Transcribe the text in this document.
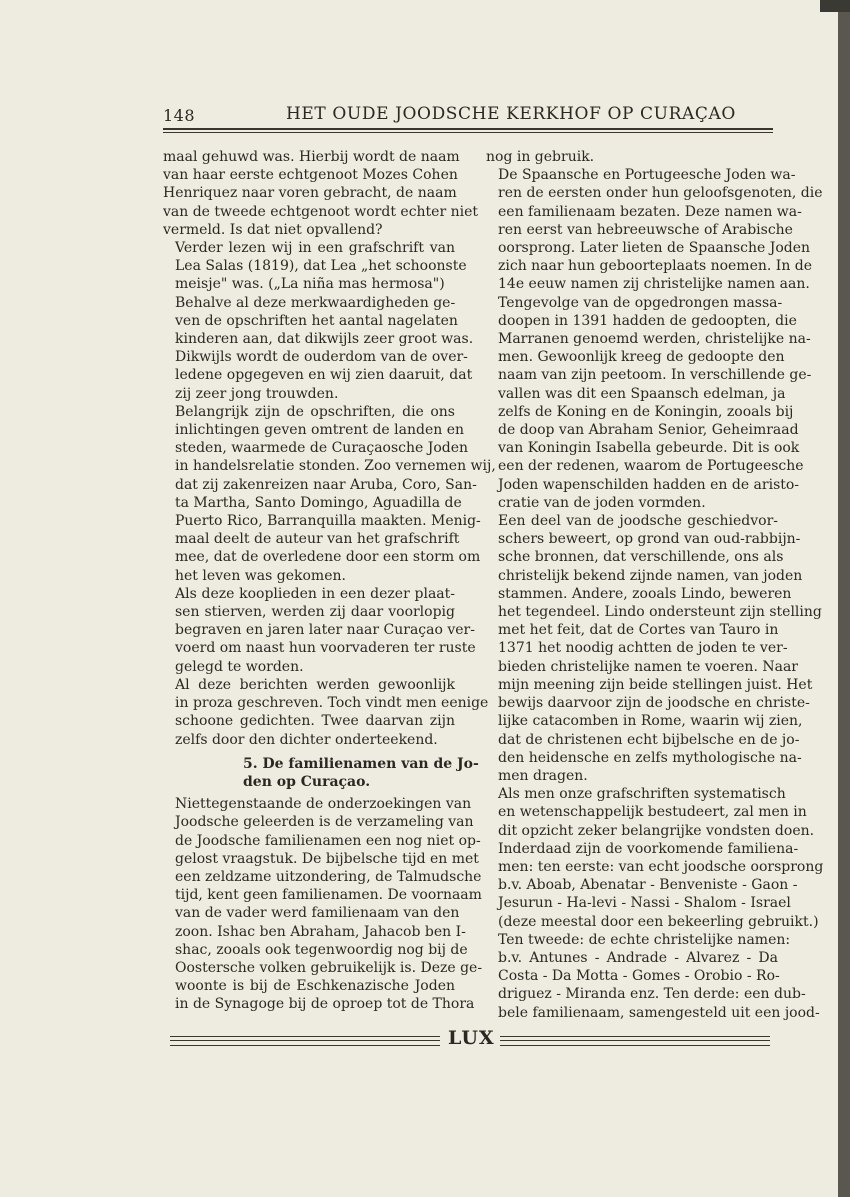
148	HET OUDE JOODSCHE KERKHOF OP CURAÇAO

maal gehuwd was. Hierbij wordt de naam
van haar eerste echtgenoot Mozes Cohen
Henriquez naar voren gebracht, de naam
van de tweede echtgenoot wordt echter niet
vermeld. Is dat niet opvallend?

Verder lezen wij in een grafschrift van
Lea Salas (1819), dat Lea „het schoonste
meisje" was. („La niña mas hermosa")

Behalve al deze merkwaardigheden ge-
ven de opschriften het aantal nagelaten
kinderen aan, dat dikwijls zeer groot was.
Dikwijls wordt de ouderdom van de over-
ledene opgegeven en wij zien daaruit, dat
zij zeer jong trouwden.

Belangrijk zijn de opschriften, die ons
inlichtingen geven omtrent de landen en
steden, waarmede de Curaçaosche Joden
in handelsrelatie stonden. Zoo vernemen wij,
dat zij zakenreizen naar Aruba, Coro, San-
ta Martha, Santo Domingo, Aguadilla de
Puerto Rico, Barranquilla maakten. Menig-
maal deelt de auteur van het grafschrift
mee, dat de overledene door een storm om
het leven was gekomen.

Als deze kooplieden in een dezer plaat-
sen stierven, werden zij daar voorlopig
begraven en jaren later naar Curaçao ver-
voerd om naast hun voorvaderen ter ruste
gelegd te worden.

Al deze berichten werden gewoonlijk
in proza geschreven. Toch vindt men eenige
schoone gedichten. Twee daarvan zijn
zelfs door den dichter onderteekend.

5. De familienamen van de Jo-
den op Curaçao.

Niettegenstaande de onderzoekingen van
Joodsche geleerden is de verzameling van
de Joodsche familienamen een nog niet op-
gelost vraagstuk. De bijbelsche tijd en met
een zeldzame uitzondering, de Talmudsche
tijd, kent geen familienamen. De voornaam
van de vader werd familienaam van den
zoon. Ishac ben Abraham, Jahacob ben I-
shac, zooals ook tegenwoordig nog bij de
Oostersche volken gebruikelijk is. Deze ge-
woonte is bij de Eschkenazische Joden
in de Synagoge bij de oproep tot de Thora

nog in gebruik.

De Spaansche en Portugeesche Joden wa-
ren de eersten onder hun geloofsgenoten, die
een familienaam bezaten. Deze namen wa-
ren eerst van hebreeuwsche of Arabische
oorsprong. Later lieten de Spaansche Joden
zich naar hun geboorteplaats noemen. In de
14e eeuw namen zij christelijke namen aan.

Tengevolge van de opgedrongen massa-
doopen in 1391 hadden de gedoopten, die
Marranen genoemd werden, christelijke na-
men. Gewoonlijk kreeg de gedoopte den
naam van zijn peetoom. In verschillende ge-
vallen was dit een Spaansch edelman, ja
zelfs de Koning en de Koningin, zooals bij
de doop van Abraham Senior, Geheimraad
van Koningin Isabella gebeurde. Dit is ook
een der redenen, waarom de Portugeesche
Joden wapenschilden hadden en de aristo-
cratie van de joden vormden.

Een deel van de joodsche geschiedvor-
schers beweert, op grond van oud-rabbijn-
sche bronnen, dat verschillende, ons als
christelijk bekend zijnde namen, van joden
stammen. Andere, zooals Lindo, beweren
het tegendeel. Lindo ondersteunt zijn stelling
met het feit, dat de Cortes van Tauro in
1371 het noodig achtten de joden te ver-
bieden christelijke namen te voeren. Naar
mijn meening zijn beide stellingen juist. Het
bewijs daarvoor zijn de joodsche en christe-
lijke catacomben in Rome, waarin wij zien,
dat de christenen echt bijbelsche en de jo-
den heidensche en zelfs mythologische na-
men dragen.

Als men onze grafschriften systematisch
en wetenschappelijk bestudeert, zal men in
dit opzicht zeker belangrijke vondsten doen.
Inderdaad zijn de voorkomende familiena-
men: ten eerste: van echt joodsche oorsprong
b.v. Aboab, Abenatar - Benveniste - Gaon -
Jesurun - Ha-levi - Nassi - Shalom - Israel
(deze meestal door een bekeerling gebruikt.)
Ten tweede: de echte christelijke namen:
b.v. Antunes - Andrade - Alvarez - Da
Costa - Da Motta - Gomes - Orobio - Ro-
driguez - Miranda enz. Ten derde: een dub-
bele familienaam, samengesteld uit een jood-

LUX
